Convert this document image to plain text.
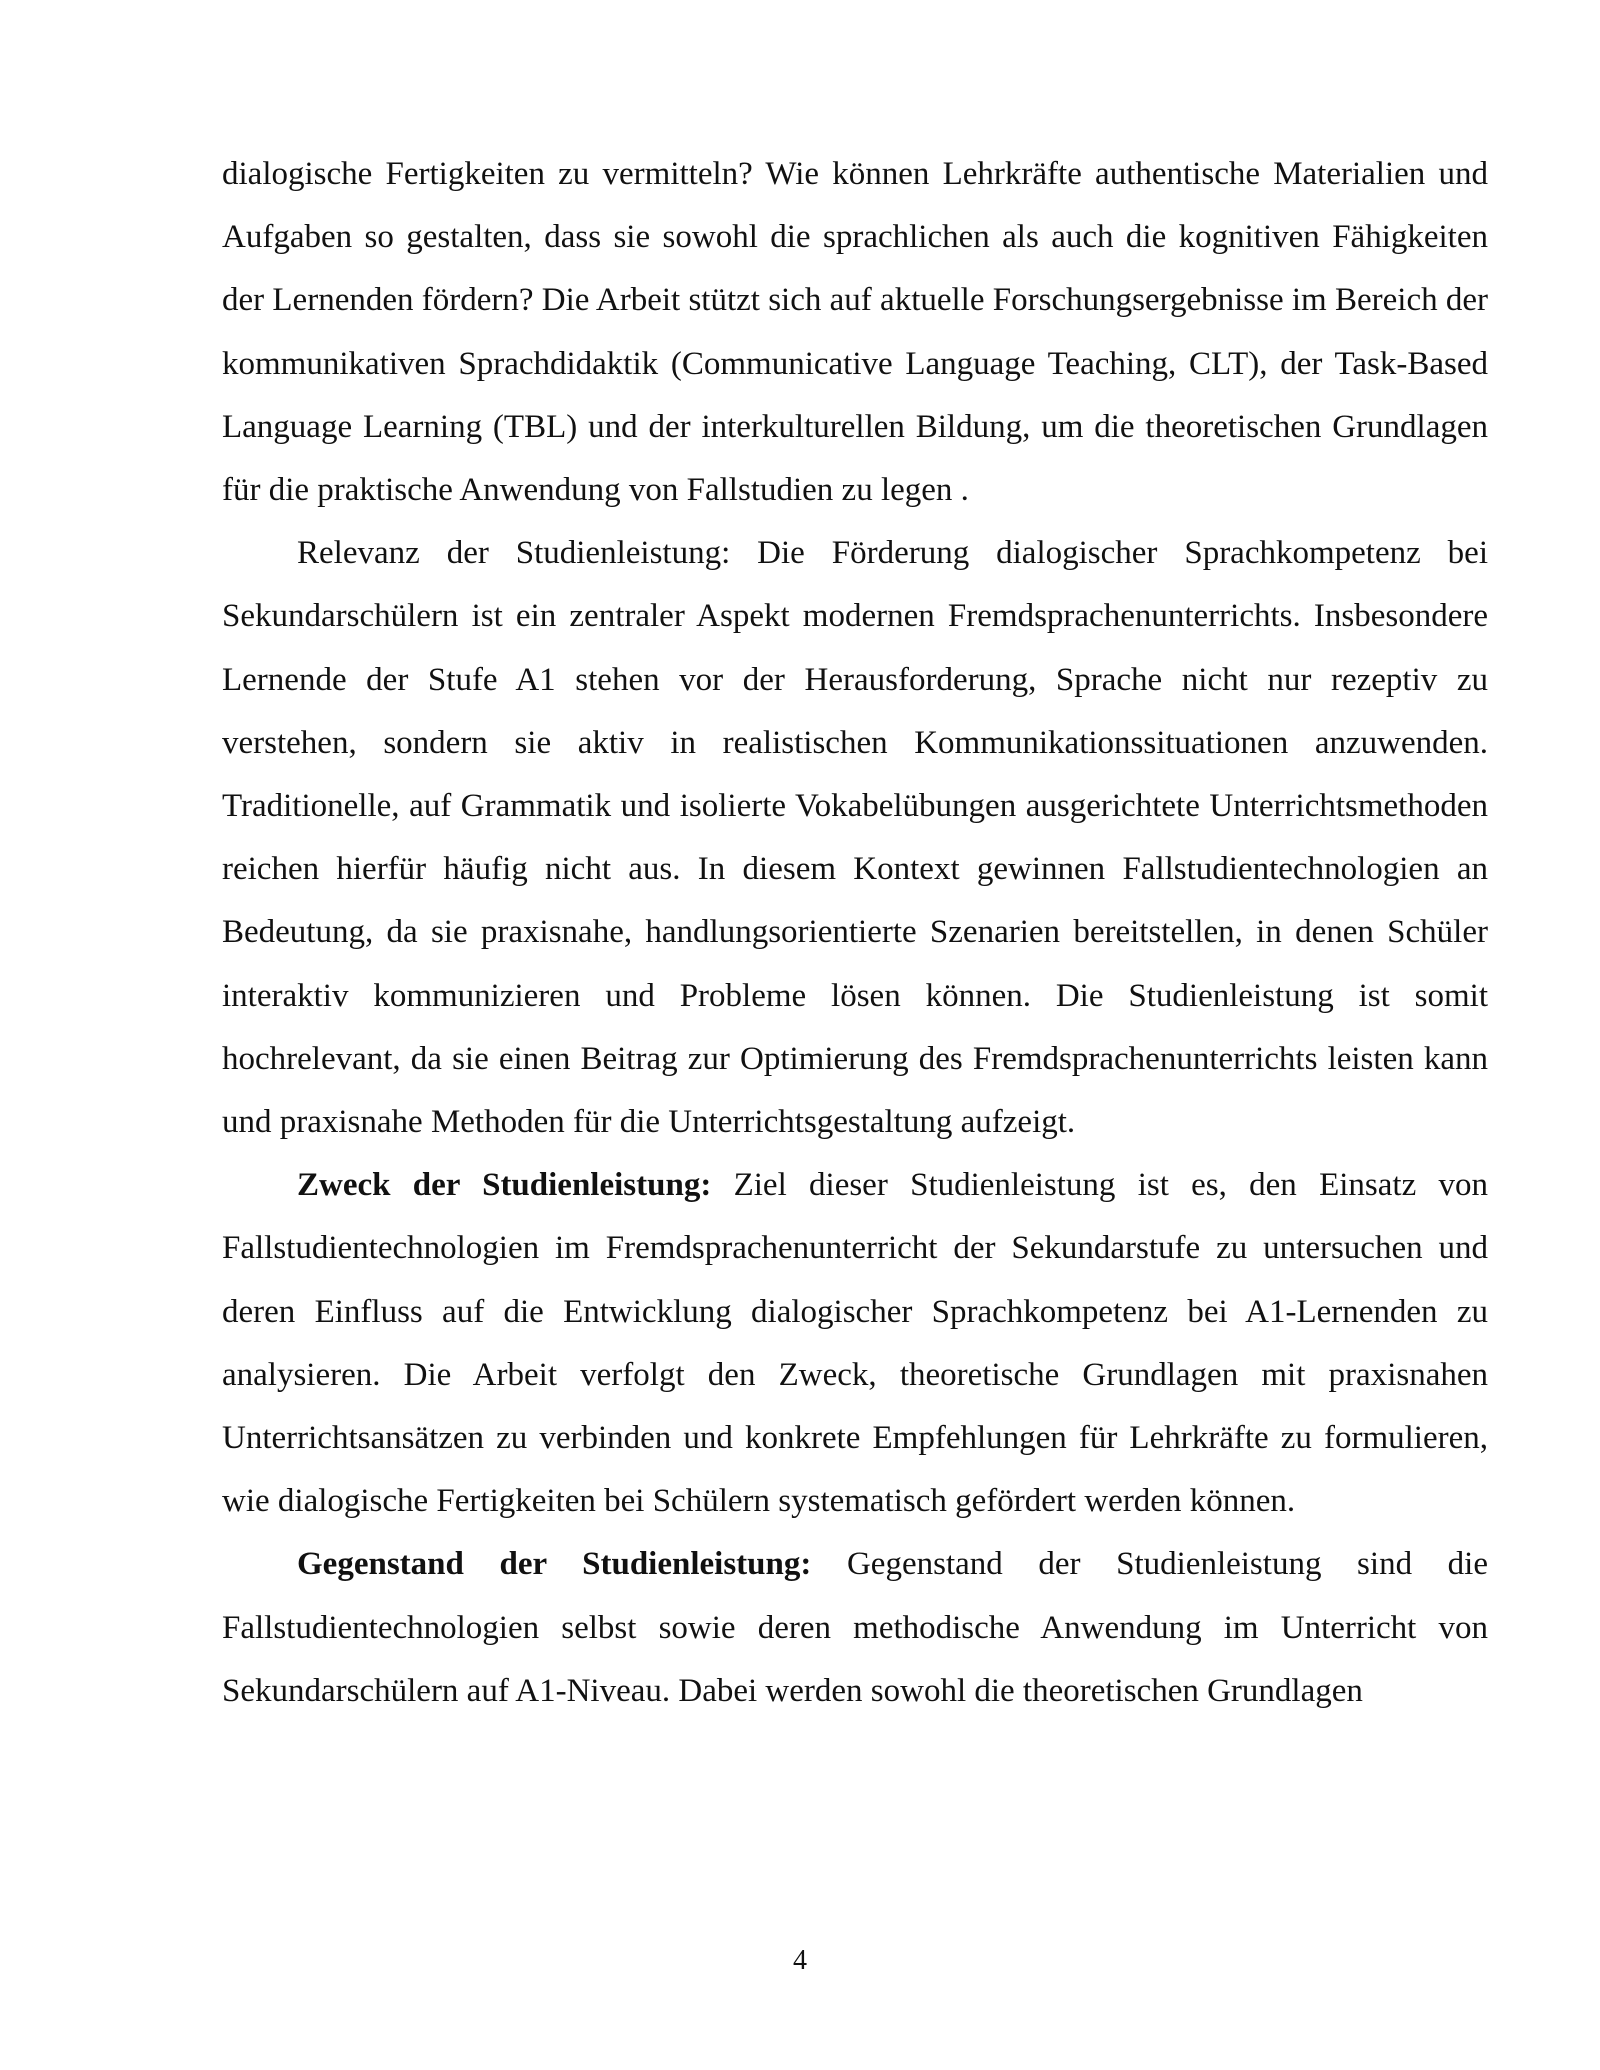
dialogische Fertigkeiten zu vermitteln? Wie können Lehrkräfte authentische Materialien und Aufgaben so gestalten, dass sie sowohl die sprachlichen als auch die kognitiven Fähigkeiten der Lernenden fördern? Die Arbeit stützt sich auf aktuelle Forschungsergebnisse im Bereich der kommunikativen Sprachdidaktik (Communicative Language Teaching, CLT), der Task-Based Language Learning (TBL) und der interkulturellen Bildung, um die theoretischen Grundlagen für die praktische Anwendung von Fallstudien zu legen .

Relevanz der Studienleistung: Die Förderung dialogischer Sprachkompetenz bei Sekundarschülern ist ein zentraler Aspekt modernen Fremdsprachenunterrichts. Insbesondere Lernende der Stufe A1 stehen vor der Herausforderung, Sprache nicht nur rezeptiv zu verstehen, sondern sie aktiv in realistischen Kommunikationssituationen anzuwenden. Traditionelle, auf Grammatik und isolierte Vokabelübungen ausgerichtete Unterrichtsmethoden reichen hierfür häufig nicht aus. In diesem Kontext gewinnen Fallstudientechnologien an Bedeutung, da sie praxisnahe, handlungsorientierte Szenarien bereitstellen, in denen Schüler interaktiv kommunizieren und Probleme lösen können. Die Studienleistung ist somit hochrelevant, da sie einen Beitrag zur Optimierung des Fremdsprachenunterrichts leisten kann und praxisnahe Methoden für die Unterrichtsgestaltung aufzeigt.

Zweck der Studienleistung: Ziel dieser Studienleistung ist es, den Einsatz von Fallstudientechnologien im Fremdsprachenunterricht der Sekundarstufe zu untersuchen und deren Einfluss auf die Entwicklung dialogischer Sprachkompetenz bei A1-Lernenden zu analysieren. Die Arbeit verfolgt den Zweck, theoretische Grundlagen mit praxisnahen Unterrichtsansätzen zu verbinden und konkrete Empfehlungen für Lehrkräfte zu formulieren, wie dialogische Fertigkeiten bei Schülern systematisch gefördert werden können.

Gegenstand der Studienleistung: Gegenstand der Studienleistung sind die Fallstudientechnologien selbst sowie deren methodische Anwendung im Unterricht von Sekundarschülern auf A1-Niveau. Dabei werden sowohl die theoretischen Grundlagen

4
